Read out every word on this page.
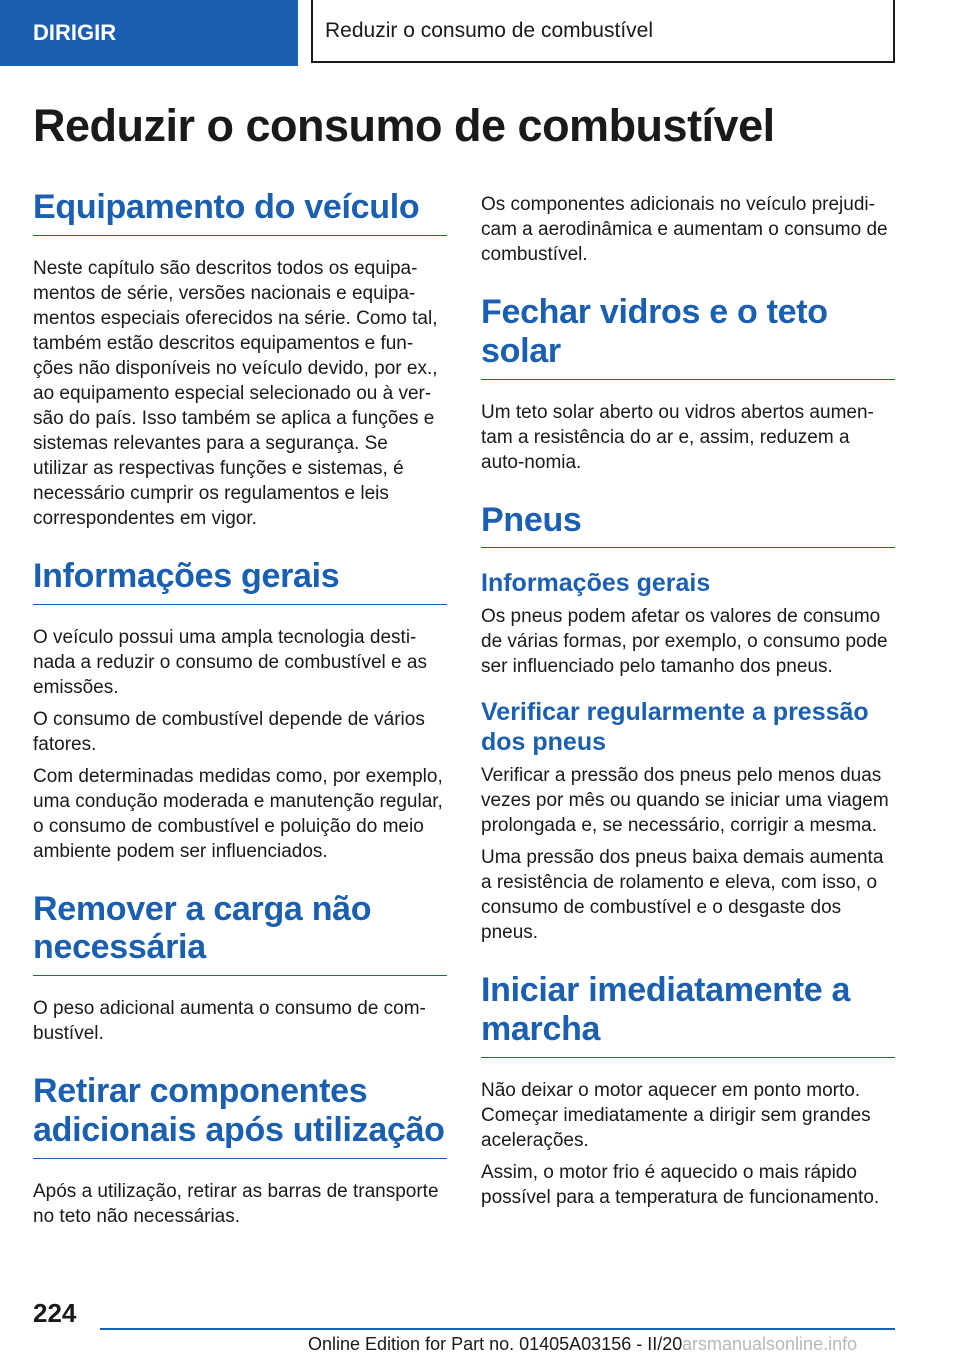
DIRIGIR	Reduzir o consumo de combustível
Reduzir o consumo de combustível
Equipamento do veículo

Neste capítulo são descritos todos os equipa-mentos de série, versões nacionais e equipa-mentos especiais oferecidos na série. Como tal, também estão descritos equipamentos e fun-ções não disponíveis no veículo devido, por ex., ao equipamento especial selecionado ou à ver-são do país. Isso também se aplica a funções e sistemas relevantes para a segurança. Se utilizar as respectivas funções e sistemas, é necessário cumprir os regulamentos e leis correspondentes em vigor.

Informações gerais

O veículo possui uma ampla tecnologia desti-nada a reduzir o consumo de combustível e as emissões.

O consumo de combustível depende de vários fatores.

Com determinadas medidas como, por exemplo, uma condução moderada e manutenção regular, o consumo de combustível e poluição do meio ambiente podem ser influenciados.

Remover a carga não necessária

O peso adicional aumenta o consumo de com-bustível.

Retirar componentes adicionais após utilização

Após a utilização, retirar as barras de transporte no teto não necessárias.

Os componentes adicionais no veículo prejudi-cam a aerodinâmica e aumentam o consumo de combustível.

Fechar vidros e o teto solar

Um teto solar aberto ou vidros abertos aumen-tam a resistência do ar e, assim, reduzem a auto-nomia.

Pneus
Informações gerais

Os pneus podem afetar os valores de consumo de várias formas, por exemplo, o consumo pode ser influenciado pelo tamanho dos pneus.

Verificar regularmente a pressão dos pneus

Verificar a pressão dos pneus pelo menos duas vezes por mês ou quando se iniciar uma viagem prolongada e, se necessário, corrigir a mesma.

Uma pressão dos pneus baixa demais aumenta a resistência de rolamento e eleva, com isso, o consumo de combustível e o desgaste dos pneus.

Iniciar imediatamente a marcha

Não deixar o motor aquecer em ponto morto. Começar imediatamente a dirigir sem grandes acelerações.

Assim, o motor frio é aquecido o mais rápido possível para a temperatura de funcionamento.

224
Online Edition for Part no. 01405A03156 - II/20 arsmanualsonline.info
